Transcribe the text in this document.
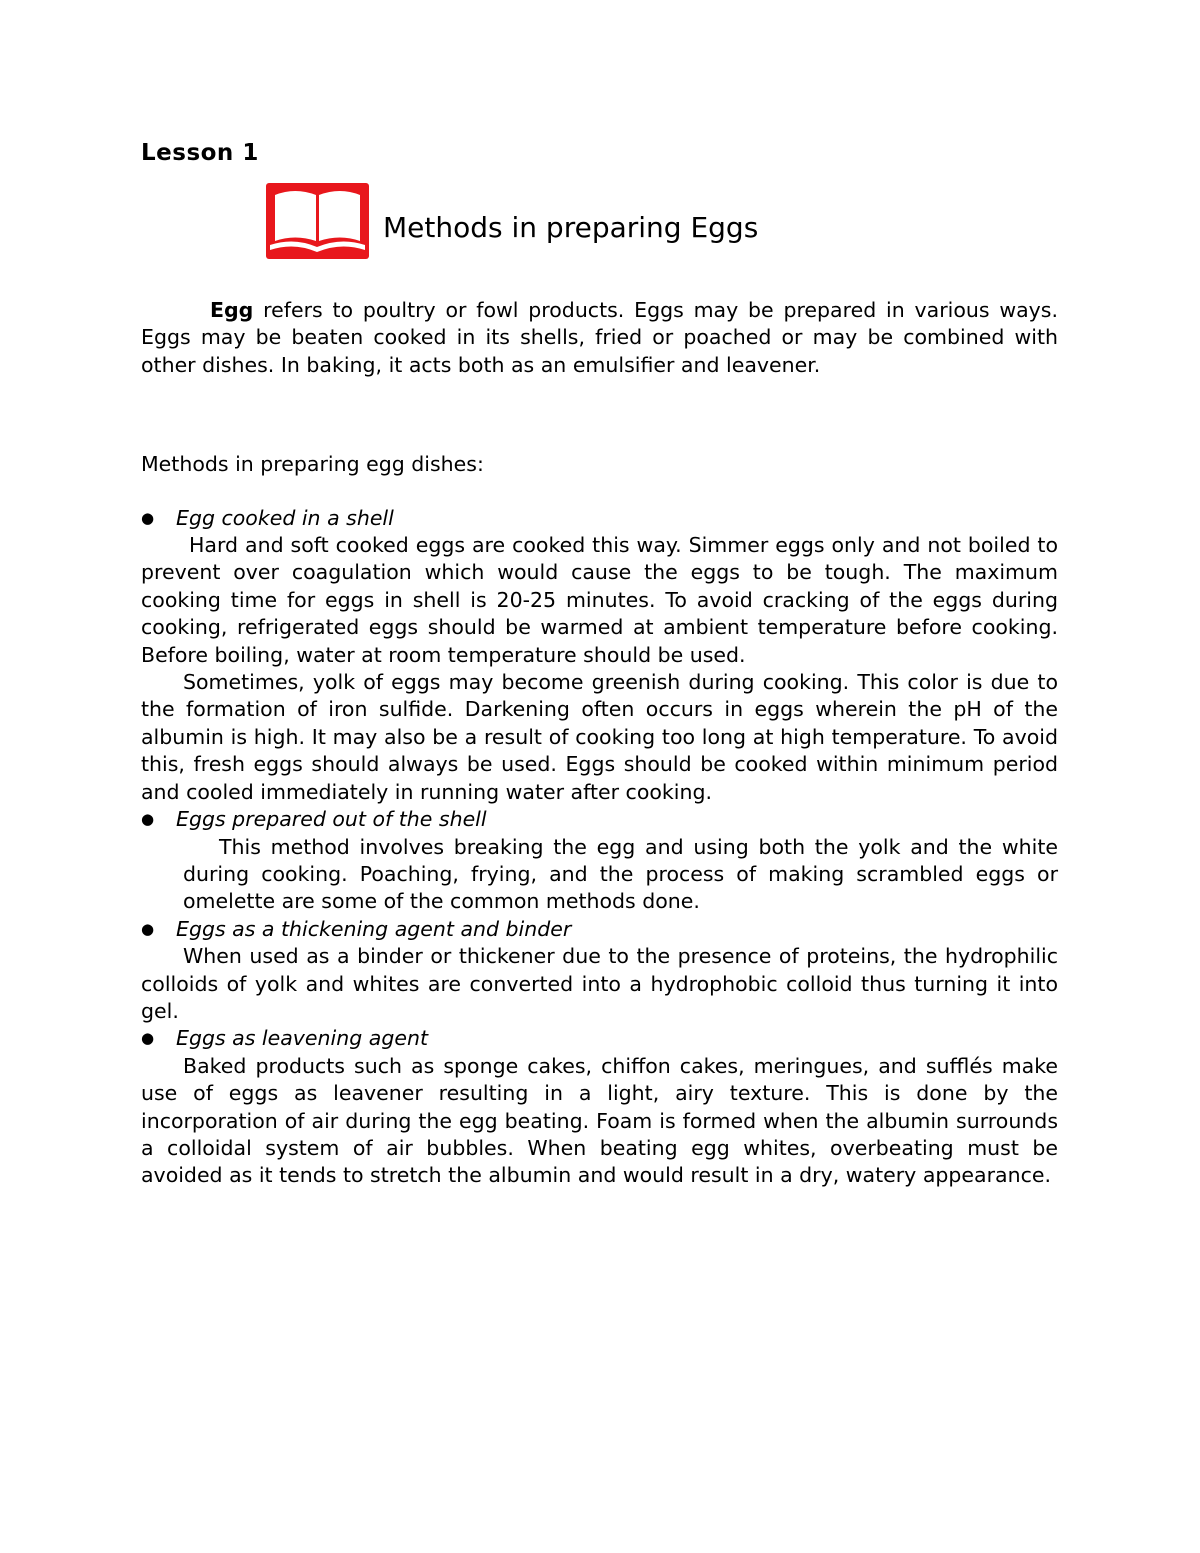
Lesson 1
Methods in preparing Eggs

Egg refers to poultry or fowl products. Eggs may be prepared in various ways. Eggs may be beaten cooked in its shells, fried or poached or may be combined with other dishes. In baking, it acts both as an emulsifier and leavener.

Methods in preparing egg dishes:

● Egg cooked in a shell

Hard and soft cooked eggs are cooked this way. Simmer eggs only and not boiled to prevent over coagulation which would cause the eggs to be tough. The maximum cooking time for eggs in shell is 20-25 minutes. To avoid cracking of the eggs during cooking, refrigerated eggs should be warmed at ambient temperature before cooking. Before boiling, water at room temperature should be used.

Sometimes, yolk of eggs may become greenish during cooking. This color is due to the formation of iron sulfide. Darkening often occurs in eggs wherein the pH of the albumin is high. It may also be a result of cooking too long at high temperature. To avoid this, fresh eggs should always be used. Eggs should be cooked within minimum period and cooled immediately in running water after cooking.

● Eggs prepared out of the shell

This method involves breaking the egg and using both the yolk and the white during cooking. Poaching, frying, and the process of making scrambled eggs or omelette are some of the common methods done.

● Eggs as a thickening agent and binder

When used as a binder or thickener due to the presence of proteins, the hydrophilic colloids of yolk and whites are converted into a hydrophobic colloid thus turning it into gel.

● Eggs as leavening agent

Baked products such as sponge cakes, chiffon cakes, meringues, and sufflés make use of eggs as leavener resulting in a light, airy texture. This is done by the incorporation of air during the egg beating. Foam is formed when the albumin surrounds a colloidal system of air bubbles. When beating egg whites, overbeating must be avoided as it tends to stretch the albumin and would result in a dry, watery appearance.
